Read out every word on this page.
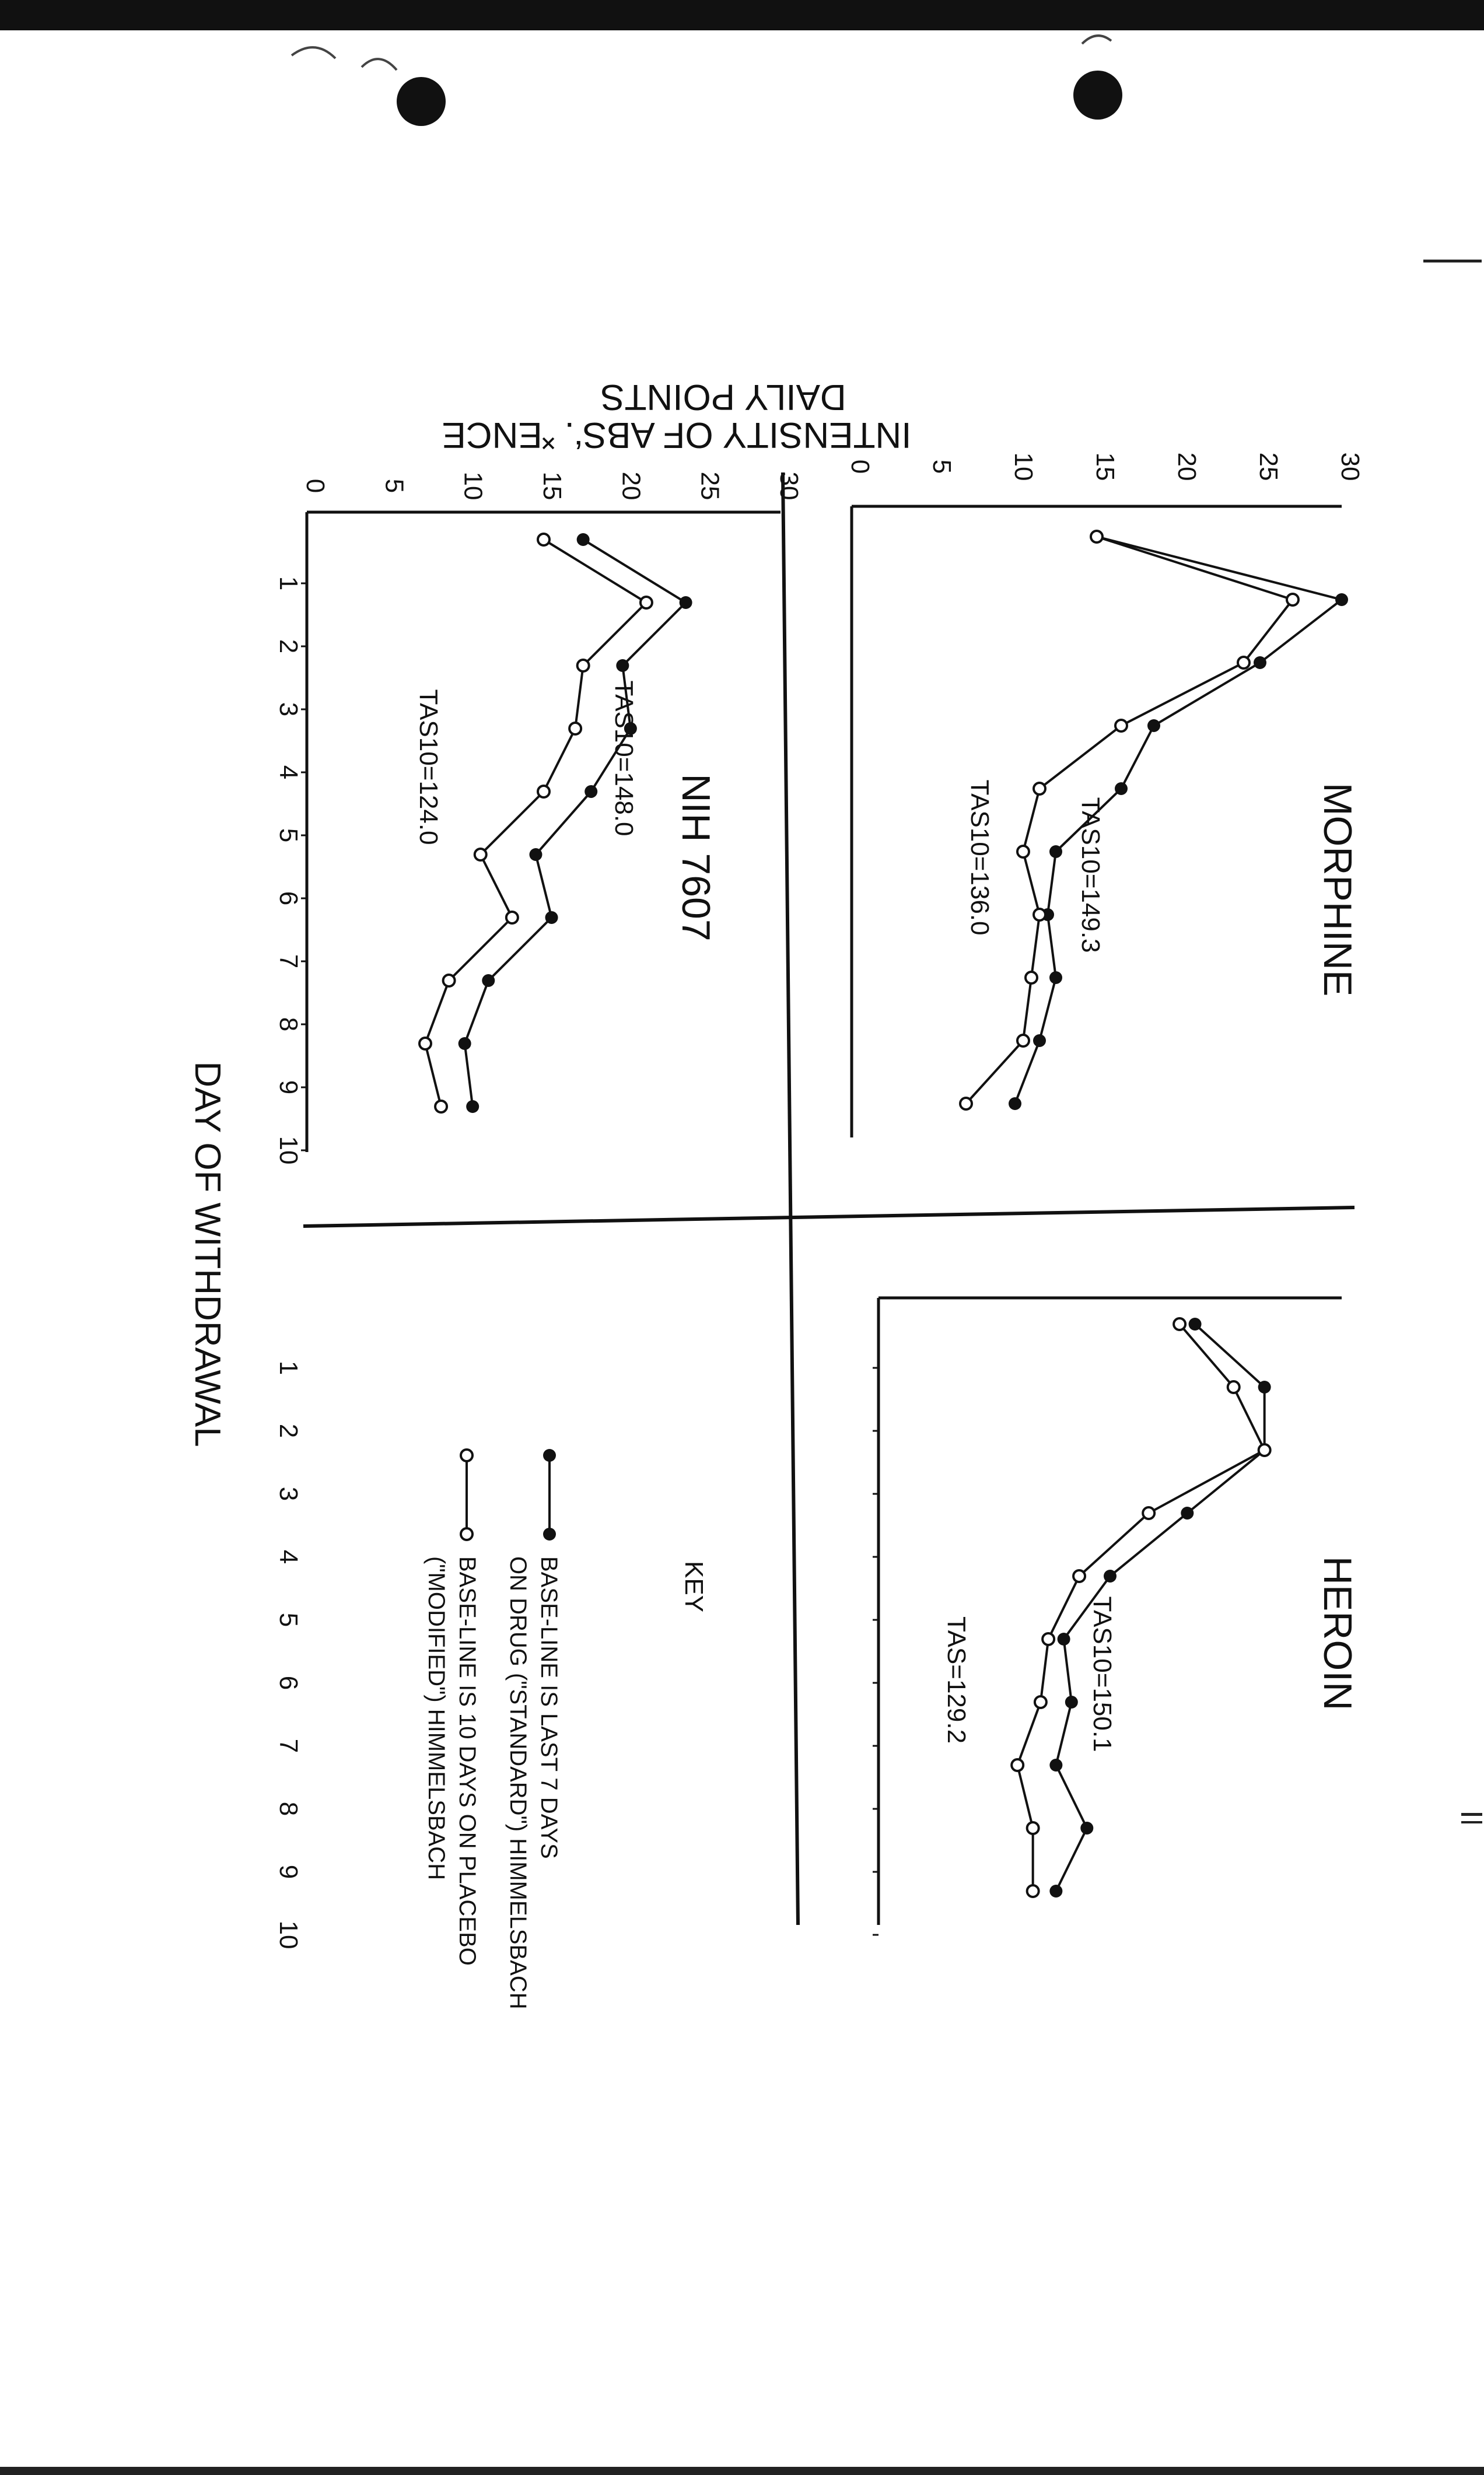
INTENSITY OF ABSʻ. ˟ENCE
DAILY POINTS
DAY OF WITHDRAWAL
0 5 10 15 20 25 30
1
2
3
4
5
6
7
8
9
10
0 5 10 15 20 25 30
1
2
3
4
5
6
7
8
9
10
MORPHINE
HEROIN
NIH 7607	TAS10=149.3
TAS10=136.0
TAS10=150.1
TAS=129.2
TAS10=148.0
TAS10=124.0
KEY
BASE-LINE IS LAST 7 DAYS
ON DRUG ("STANDARD") HIMMELSBACH
BASE-LINE IS 10 DAYS ON PLACEBO
("MODIFIED") HIMMELSBACH
